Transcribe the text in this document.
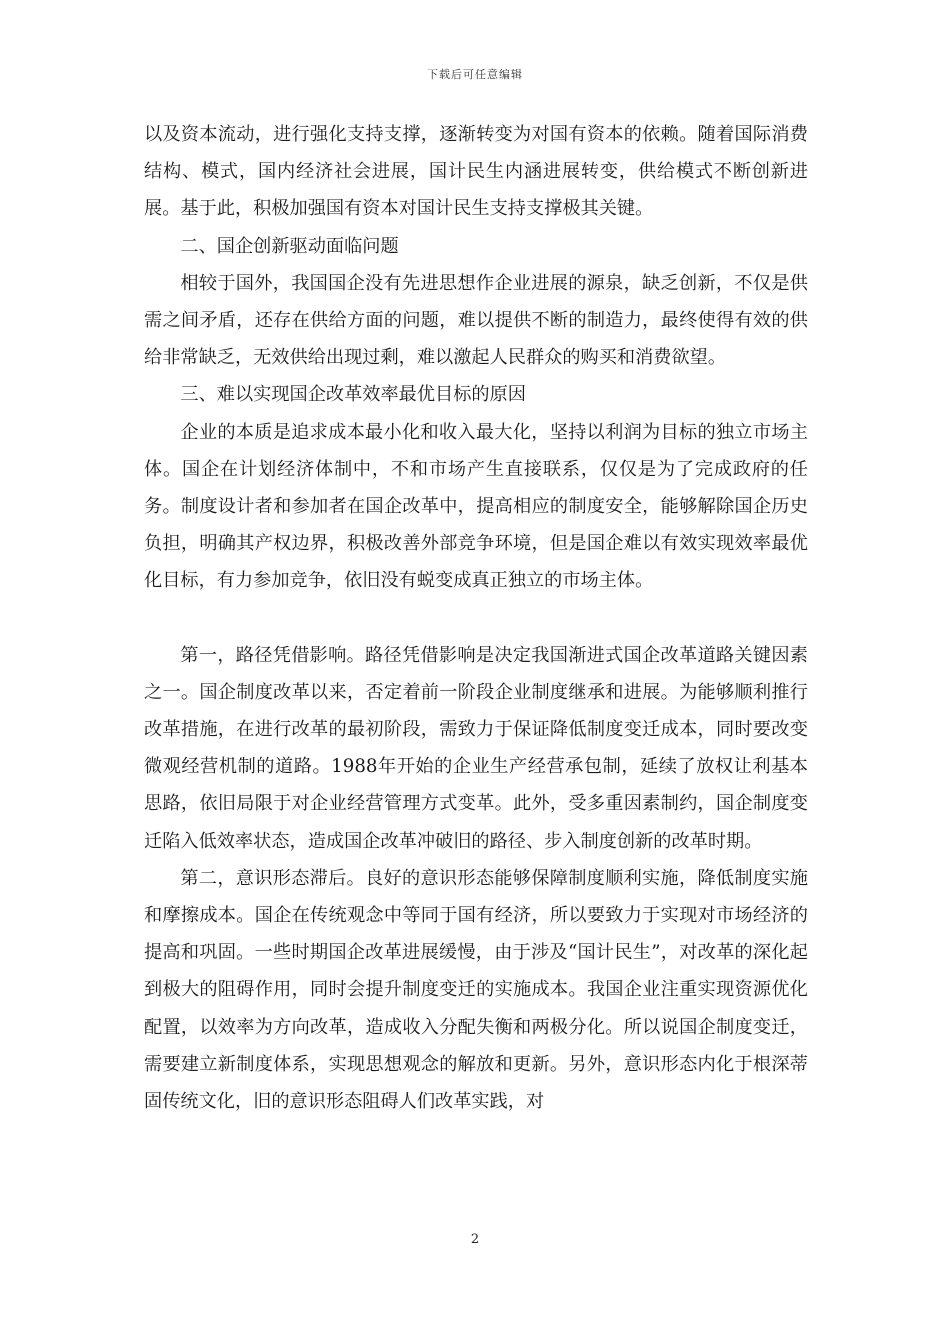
下载后可任意编辑

以及资本流动，进行强化支持支撑，逐渐转变为对国有资本的依赖。随着国际消费结构、模式，国内经济社会进展，国计民生内涵进展转变，供给模式不断创新进展。基于此，积极加强国有资本对国计民生支持支撑极其关键。

二、国企创新驱动面临问题

相较于国外，我国国企没有先进思想作企业进展的源泉，缺乏创新，不仅是供需之间矛盾，还存在供给方面的问题，难以提供不断的制造力，最终使得有效的供给非常缺乏，无效供给出现过剩，难以激起人民群众的购买和消费欲望。

三、难以实现国企改革效率最优目标的原因

企业的本质是追求成本最小化和收入最大化，坚持以利润为目标的独立市场主体。国企在计划经济体制中，不和市场产生直接联系，仅仅是为了完成政府的任务。制度设计者和参加者在国企改革中，提高相应的制度安全，能够解除国企历史负担，明确其产权边界，积极改善外部竞争环境，但是国企难以有效实现效率最优化目标，有力参加竞争，依旧没有蜕变成真正独立的市场主体。

第一，路径凭借影响。路径凭借影响是决定我国渐进式国企改革道路关键因素之一。国企制度改革以来，否定着前一阶段企业制度继承和进展。为能够顺利推行改革措施，在进行改革的最初阶段，需致力于保证降低制度变迁成本，同时要改变微观经营机制的道路。1988年开始的企业生产经营承包制，延续了放权让利基本思路，依旧局限于对企业经营管理方式变革。此外，受多重因素制约，国企制度变迁陷入低效率状态，造成国企改革冲破旧的路径、步入制度创新的改革时期。

第二，意识形态滞后。良好的意识形态能够保障制度顺利实施，降低制度实施和摩擦成本。国企在传统观念中等同于国有经济，所以要致力于实现对市场经济的提高和巩固。一些时期国企改革进展缓慢，由于涉及“国计民生”，对改革的深化起到极大的阻碍作用，同时会提升制度变迁的实施成本。我国企业注重实现资源优化配置，以效率为方向改革，造成收入分配失衡和两极分化。所以说国企制度变迁，需要建立新制度体系，实现思想观念的解放和更新。另外，意识形态内化于根深蒂固传统文化，旧的意识形态阻碍人们改革实践，对

2
